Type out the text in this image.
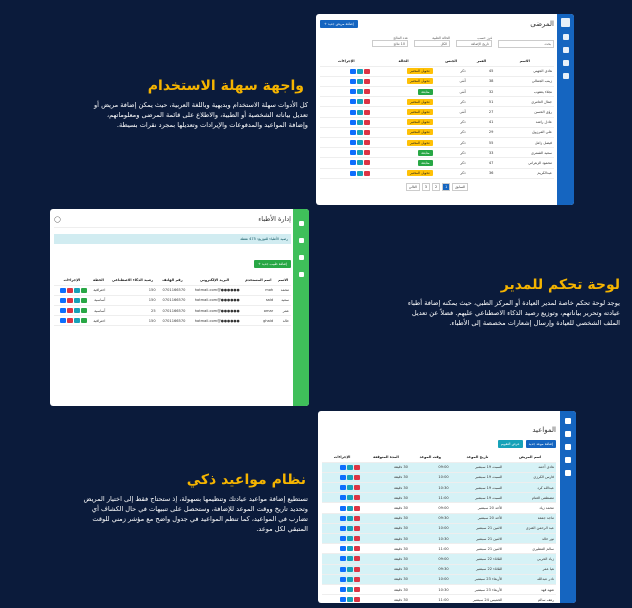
واجهة سهلة الاستخدام
كل الأدوات سهلة الاستخدام وبديهية وباللغة العربية، حيث يمكن إضافة مريض أو تعديل بياناته الشخصية أو الطبية، والاطلاع على قائمة المرضى ومعلوماتهم، وإضافة المواعيد والمدفوعات والإيرادات وتعديلها بمجرد نقرات بسيطة.
لوحة تحكم للمدير
يوجد لوحة تحكم خاصة لمدير العيادة أو المركز الطبي، حيث يمكنه إضافة أطباء عيادته وتحرير بياناتهم، وتوزيع رصيد الذكاء الاصطناعي عليهم. فضلاً عن تعديل الملف الشخصي للعيادة وإرسال إشعارات مخصصة إلى الأطباء.
نظام مواعيد ذكي
تستطيع إضافة مواعيد عيادتك وتنظيمها بسهولة، إذ ستحتاج فقط إلى اختيار المريض وتحديد تاريخ ووقت الموعد للإضافة، وستحصل على تنبيهات في حال الكشاف أي تضارب في المواعيد، كما تنظم المواعيد في جدول واضح مع مؤشر زمني للوقت المتبقي لكل موعد.
المرضى
إضافة مريض جديد +
بحث
فرز حسب
تاريخ الإضافة
الحالة الطبية
الكل
عدد النتائج
10 نتائج
الاسم	العمر	الجنس	الحالة	الإجراءات
هادي الجهني	45	ذكر	تحويل المختبر	
زينب الجمالي	38	أنثى	تحويل المختبر	
نجلاء يعقوب	32	أنثى	متابعة	
جمال العامري	51	ذكر	تحويل المختبر	
رؤى الحسن	27	أنثى	تحويل المختبر	
عادل راشد	41	ذكر	تحويل المختبر	
علي المرزوق	29	ذكر	تحويل المختبر	
فيصل زامل	55	ذكر	تحويل المختبر	
سعيد الشمري	33	ذكر	متابعة	
محمود الزهراني	47	ذكر	متابعة	
عبدالكريم	36	ذكر	تحويل المختبر	
السابق
1
2
3
التالي
إدارة الأطباء
◯
رصيد الأطباء للتوزيع: 475 نقطة
إضافة طبيب جديد +
الاسم	اسم المستخدم	البريد الإلكتروني	رقم الهاتف	رصيد الذكاء الاصطناعي	الخطة	الإجراءات
محمد	moh	●●●●●●@hotmail.com	0701166570	150	احترافية	
سعيد	said	●●●●●●@hotmail.com	0701166570	150	أساسية	
عمر	omar	●●●●●●@hotmail.com	0701166570	25	أساسية	
خالد	ghaid	●●●●●●@hotmail.com	0701166570	150	احترافية	
المواعيد
إضافة موعد جديد
عرض التقويم
اسم المريض	تاريخ الموعد	وقت الموعد	المدة المتوقعة	الإجراءات
هادي أحمد	السبت 19 سبتمبر	09:00	30 دقيقة	
فارس الكرزي	السبت 19 سبتمبر	10:00	30 دقيقة	
عبدالله كرد	السبت 19 سبتمبر	10:30	30 دقيقة	
مصطفى الغنام	السبت 19 سبتمبر	11:00	30 دقيقة	
محمد زياد	الأحد 20 سبتمبر	09:00	30 دقيقة	
ماجد جمعة	الأحد 20 سبتمبر	09:30	30 دقيقة	
عبد الرحمن العنزي	الاثنين 21 سبتمبر	10:00	30 دقيقة	
نور خالد	الاثنين 21 سبتمبر	10:30	30 دقيقة	
سالم المطيري	الاثنين 21 سبتمبر	11:00	30 دقيقة	
زياد الحربي	الثلاثاء 22 سبتمبر	09:00	30 دقيقة	
هيا عمر	الثلاثاء 22 سبتمبر	09:30	30 دقيقة	
نادر عبدالله	الأربعاء 23 سبتمبر	10:00	30 دقيقة	
شهد فهد	الأربعاء 23 سبتمبر	10:30	30 دقيقة	
رهف سالم	الخميس 24 سبتمبر	11:00	30 دقيقة	
